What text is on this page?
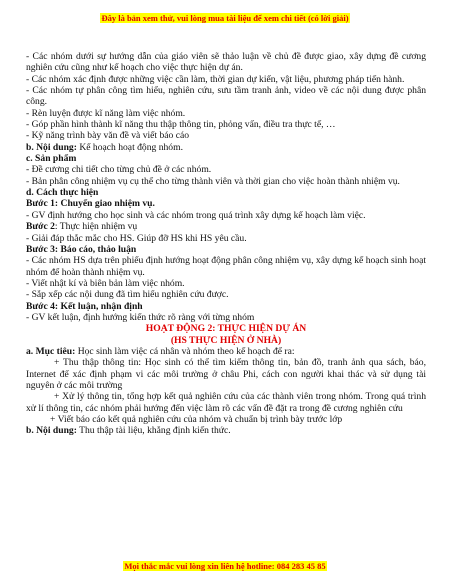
Đây là bản xem thử, vui lòng mua tài liệu để xem chi tiết (có lời giải)

- Các nhóm dưới sự hướng dẫn của giáo viên sẽ thảo luận về chủ đề được giao, xây dựng đề cương nghiên cứu cũng như kế hoạch cho việc thực hiện dự án.

- Các nhóm xác định được những việc cần làm, thời gian dự kiến, vật liệu, phương pháp tiến hành.

- Các nhóm tự phân công tìm hiểu, nghiên cứu, sưu tầm tranh ảnh, video về các nội dung được phân công.

- Rèn luyện được kĩ năng làm việc nhóm.

- Góp phần hình thành kĩ năng thu thập thông tin, phỏng vấn, điều tra thực tế, …

- Kỹ năng trình bày văn đề và viết báo cáo

b. Nội dung: Kế hoạch hoạt động nhóm.

c. Sản phẩm

- Đề cương chi tiết cho từng chủ đề ở các nhóm.

- Bản phân công nhiệm vụ cụ thể cho từng thành viên và thời gian cho việc hoàn thành nhiệm vụ.

d. Cách thực hiện

Bước 1: Chuyển giao nhiệm vụ.

- GV định hướng cho học sinh và các nhóm trong quá trình xây dựng kế hoạch làm việc.

Bước 2: Thực hiện nhiệm vụ

- Giải đáp thắc mắc cho HS. Giúp đỡ HS khi HS yêu cầu.

Bước 3: Báo cáo, thảo luận

- Các nhóm HS dựa trên phiếu định hướng hoạt động phân công nhiệm vụ, xây dựng kế hoạch sinh hoạt nhóm để hoàn thành nhiệm vụ.

- Viết nhật kí và biên bản làm việc nhóm.

- Sắp xếp các nội dung đã tìm hiểu nghiên cứu được.

Bước 4: Kết luận, nhận định

- GV kết luận, định hướng kiến thức rõ ràng với từng nhóm

HOẠT ĐỘNG 2: THỰC HIỆN DỰ ÁN

(HS THỰC HIỆN Ở NHÀ)

a. Mục tiêu: Học sinh làm việc cá nhân và nhóm theo kế hoạch để ra:

+ Thu thập thông tin: Học sinh có thể tìm kiếm thông tin, bản đồ, tranh ảnh qua sách, báo, Internet để xác định phạm vi các môi trường ở châu Phi, cách con người khai thác và sử dụng tài nguyên ở các môi trường

+ Xử lý thông tin, tổng hợp kết quả nghiên cứu của các thành viên trong nhóm. Trong quá trình xử lí thông tin, các nhóm phải hướng đến việc làm rõ các vấn đề đặt ra trong đề cương nghiên cứu

+ Viết báo cáo kết quả nghiên cứu của nhóm và chuẩn bị trình bày trước lớp

b. Nội dung: Thu thập tài liệu, khẳng định kiến thức.

Mọi thắc mắc vui lòng xin liên hệ hotline: 084 283 45 85
